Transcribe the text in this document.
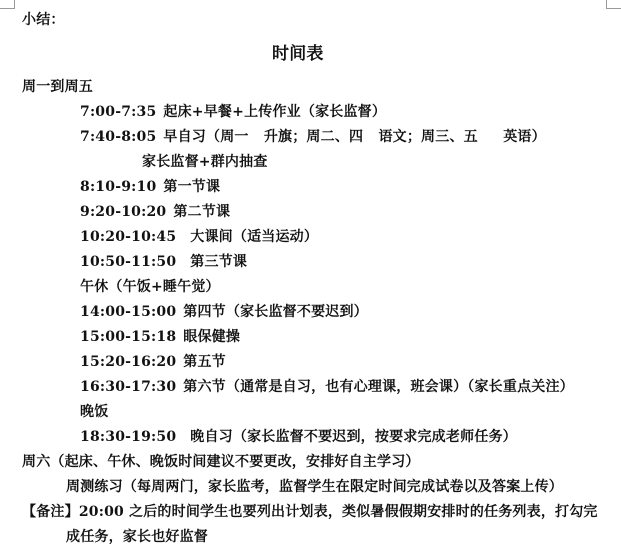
小结：
时间表
周一到周五
7:00-7:35 起床+早餐+上传作业（家长监督）
7:40-8:05 早自习（周一   升旗；周二、四   语文；周三、五     英语）
家长监督+群内抽查
8:10-9:10 第一节课
9:20-10:20 第二节课
10:20-10:45 大课间（适当运动）
10:50-11:50 第三节课
午休（午饭+睡午觉）
14:00-15:00 第四节（家长监督不要迟到）
15:00-15:18 眼保健操
15:20-16:20 第五节
16:30-17:30 第六节（通常是自习，也有心理课，班会课）（家长重点关注）
晚饭
18:30-19:50 晚自习（家长监督不要迟到，按要求完成老师任务）
周六（起床、午休、晚饭时间建议不要更改，安排好自主学习）
周测练习（每周两门，家长监考，监督学生在限定时间完成试卷以及答案上传）
【备注】20:00 之后的时间学生也要列出计划表，类似暑假假期安排时的任务列表，打勾完
成任务，家长也好监督
